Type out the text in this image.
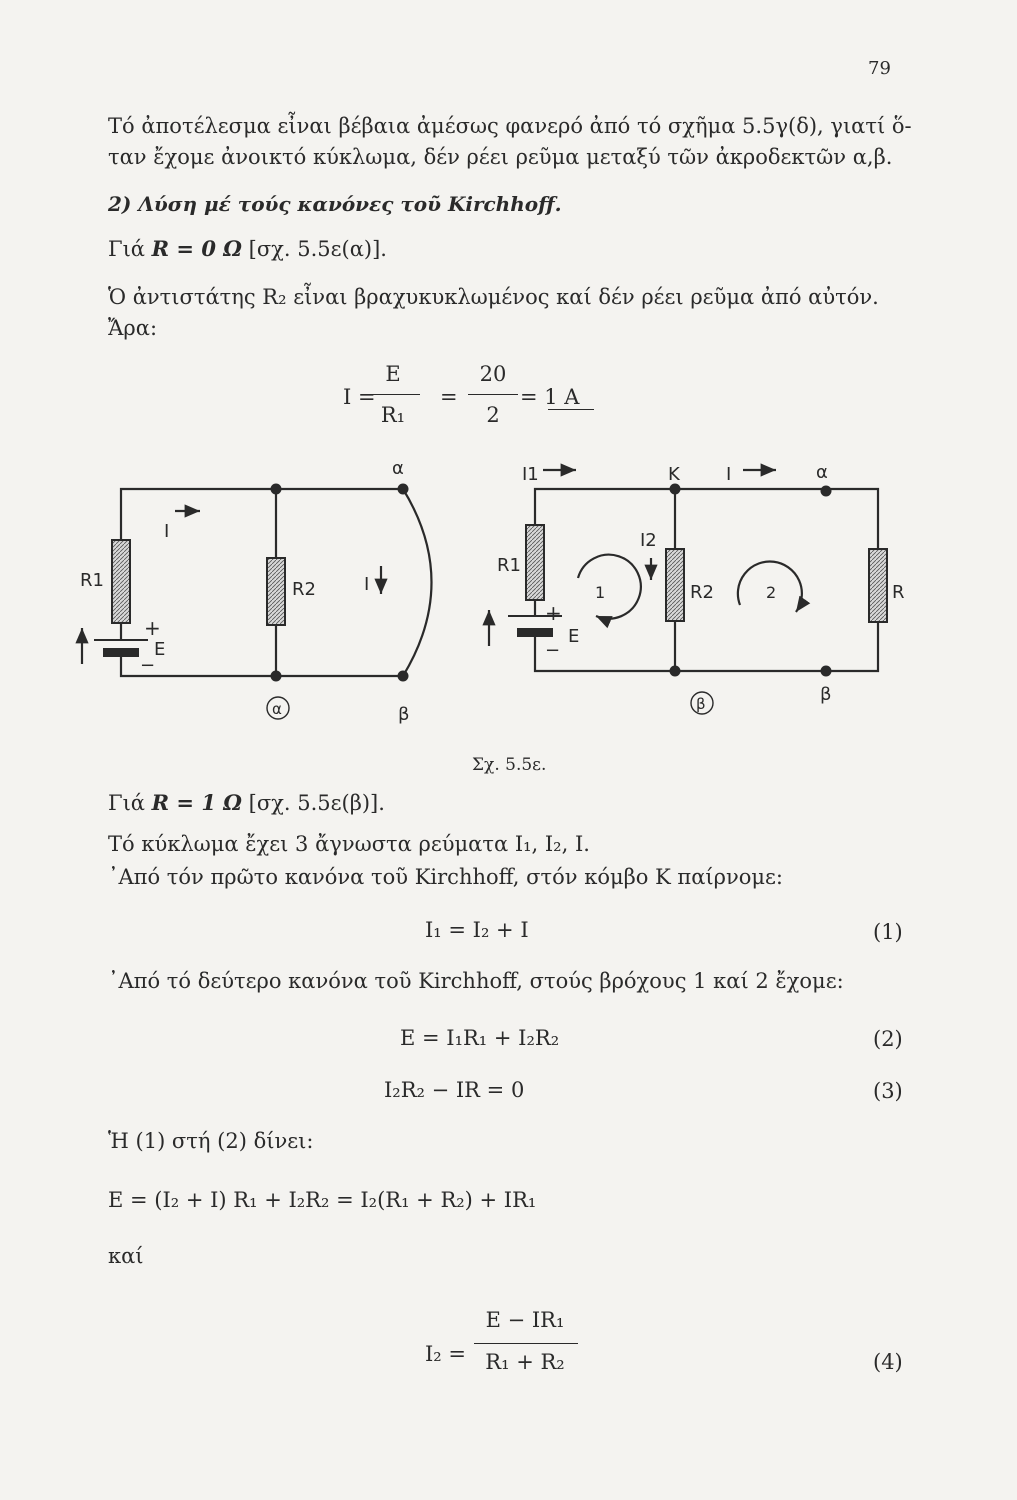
79
Τό ἀποτέλεσμα εἶναι βέβαια ἀμέσως φανερό ἀπό τό σχῆμα 5.5γ(δ), γιατί ὅ-
ταν ἔχομε ἀνοικτό κύκλωμα, δέν ρέει ρεῦμα μεταξύ τῶν ἀκροδεκτῶν α,β.
2) Λύση μέ τούς κανόνες τοῦ Kirchhoff.
Γιά R = 0 Ω [σχ. 5.5ε(α)].
Ὁ ἀντιστάτης R₂ εἶναι βραχυκυκλωμένος καί δέν ρέει ρεῦμα ἀπό αὐτόν.
Ἄρα:
I =
E
R₁
=
20
2
= 1 A
α
I
R1	R2	I
+
E
−
β
α
I1	K	I	α
I2
R1
1	R2	2	R
+
E
−
β
β
Σχ. 5.5ε.
Γιά R = 1 Ω [σχ. 5.5ε(β)].
Τό κύκλωμα ἔχει 3 ἄγνωστα ρεύματα I₁, I₂, I.
᾿Από τόν πρῶτο κανόνα τοῦ Kirchhoff, στόν κόμβο K παίρνομε:
I₁ = I₂ + I	(1)
᾿Από τό δεύτερο κανόνα τοῦ Kirchhoff, στούς βρόχους 1 καί 2 ἔχομε:
E = I₁R₁ + I₂R₂	(2)
I₂R₂ − IR = 0	(3)
Ἡ (1) στή (2) δίνει:
E = (I₂ + I) R₁ + I₂R₂ = I₂(R₁ + R₂) + IR₁
καί
I₂ =
E − IR₁
R₁ + R₂	(4)
